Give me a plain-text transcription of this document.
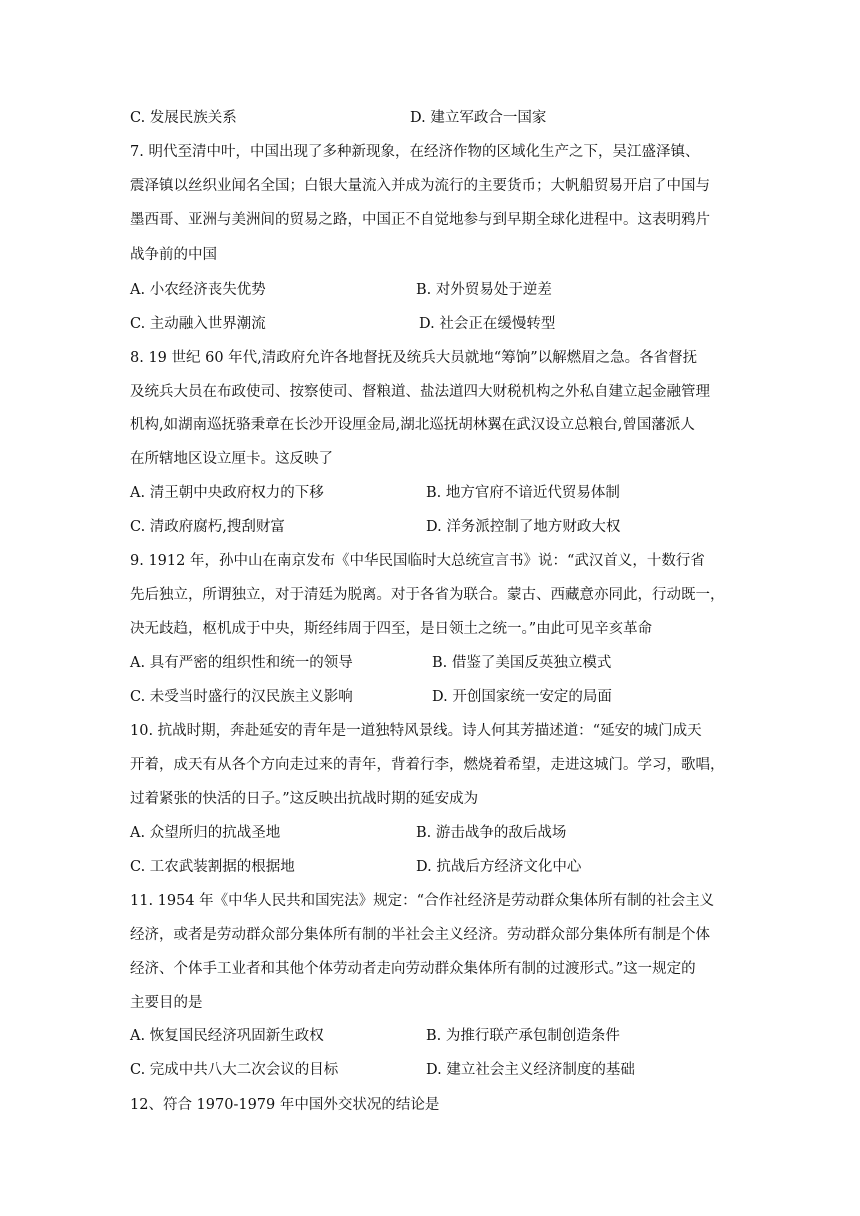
C. 发展民族关系	D. 建立军政合一国家
7. 明代至清中叶，中国出现了多种新现象，在经济作物的区域化生产之下，吴江盛泽镇、
震泽镇以丝织业闻名全国；白银大量流入并成为流行的主要货币；大帆船贸易开启了中国与
墨西哥、亚洲与美洲间的贸易之路，中国正不自觉地参与到早期全球化进程中。这表明鸦片
战争前的中国
A. 小农经济丧失优势	B. 对外贸易处于逆差
C. 主动融入世界潮流	D. 社会正在缓慢转型
8. 19 世纪 60 年代,清政府允许各地督抚及统兵大员就地“筹饷”以解燃眉之急。各省督抚
及统兵大员在布政使司、按察使司、督粮道、盐法道四大财税机构之外私自建立起金融管理
机构,如湖南巡抚骆秉章在长沙开设厘金局,湖北巡抚胡林翼在武汉设立总粮台,曾国藩派人
在所辖地区设立厘卡。这反映了
A. 清王朝中央政府权力的下移	B. 地方官府不谙近代贸易体制
C. 清政府腐朽,搜刮财富	D. 洋务派控制了地方财政大权
9. 1912 年，孙中山在南京发布《中华民国临时大总统宣言书》说：“武汉首义，十数行省
先后独立，所谓独立，对于清廷为脱离。对于各省为联合。蒙古、西藏意亦同此，行动既一，
决无歧趋，枢机成于中央，斯经纬周于四至，是日领土之统一。”由此可见辛亥革命
A. 具有严密的组织性和统一的领导	B. 借鉴了美国反英独立模式
C. 未受当时盛行的汉民族主义影响	D. 开创国家统一安定的局面
10. 抗战时期，奔赴延安的青年是一道独特风景线。诗人何其芳描述道：“延安的城门成天
开着，成天有从各个方向走过来的青年，背着行李，燃烧着希望，走进这城门。学习，歌唱，
过着紧张的快活的日子。”这反映出抗战时期的延安成为
A. 众望所归的抗战圣地	B. 游击战争的敌后战场
C. 工农武装割据的根据地	D. 抗战后方经济文化中心
11. 1954 年《中华人民共和国宪法》规定：“合作社经济是劳动群众集体所有制的社会主义
经济，或者是劳动群众部分集体所有制的半社会主义经济。劳动群众部分集体所有制是个体
经济、个体手工业者和其他个体劳动者走向劳动群众集体所有制的过渡形式。”这一规定的
主要目的是
A. 恢复国民经济巩固新生政权	B. 为推行联产承包制创造条件
C. 完成中共八大二次会议的目标	D. 建立社会主义经济制度的基础
12、符合 1970-1979 年中国外交状况的结论是
